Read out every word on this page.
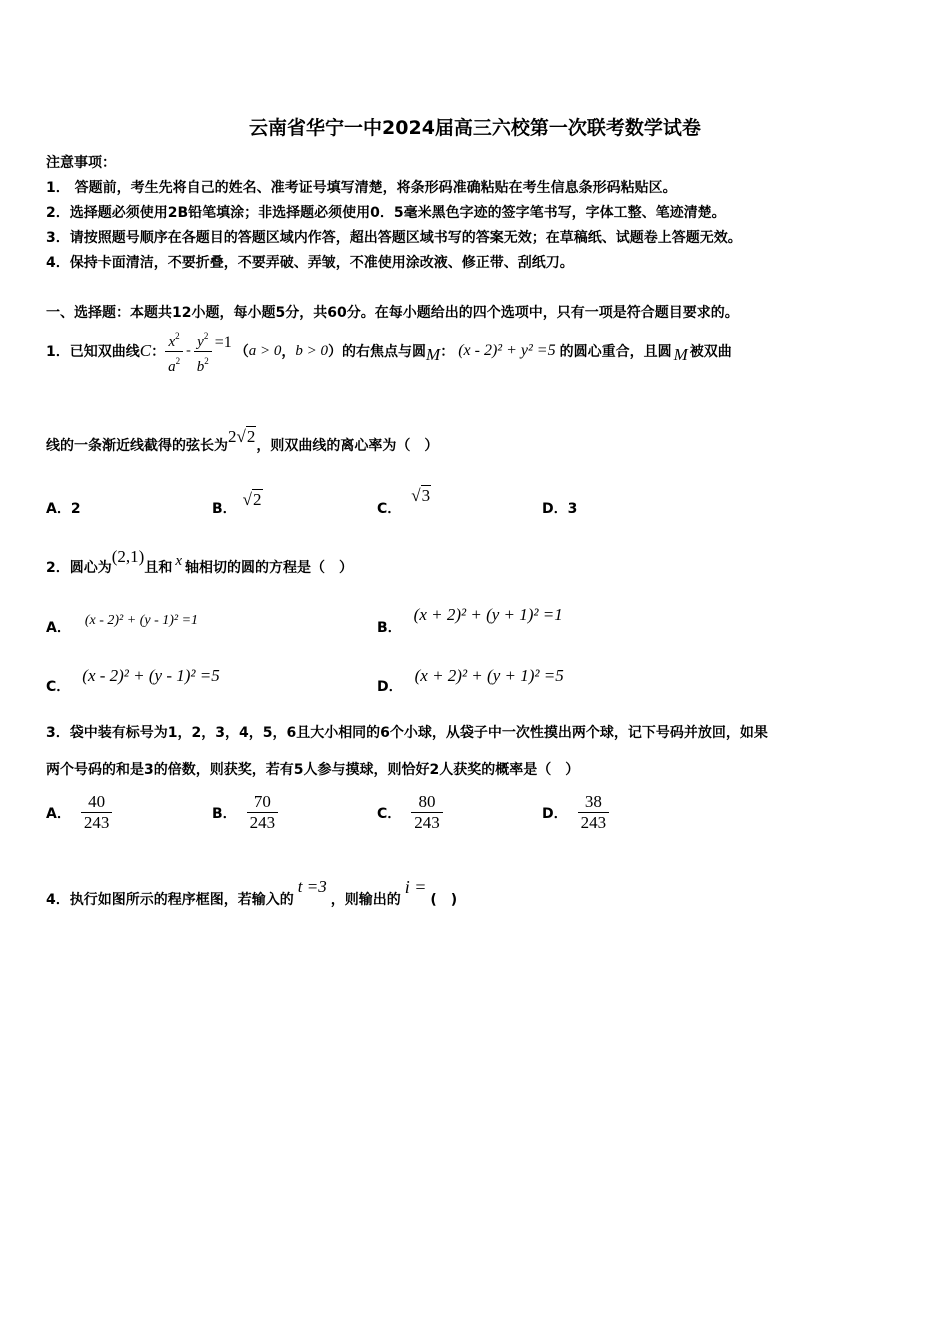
云南省华宁一中2024届高三六校第一次联考数学试卷
注意事项：
1． 答题前，考生先将自己的姓名、准考证号填写清楚，将条形码准确粘贴在考生信息条形码粘贴区。
2．选择题必须使用2B铅笔填涂；非选择题必须使用0．5毫米黑色字迹的签字笔书写，字体工整、笔迹清楚。
3．请按照题号顺序在各题目的答题区域内作答，超出答题区域书写的答案无效；在草稿纸、试题卷上答题无效。
4．保持卡面清洁，不要折叠，不要弄破、弄皱，不准使用涂改液、修正带、刮纸刀。
一、选择题：本题共12小题，每小题5分，共60分。在每小题给出的四个选项中，只有一项是符合题目要求的。
1．已知双曲线 C ： $\frac{x^2}{a^2} - \frac{y^2}{b^2} =1$
（ a > 0 ， b > 0 ） 的右焦点与圆 M ： (x - 2)² + y² =5 的圆心重合，且圆 M 被双曲
线的一条渐近线截得的弦长为 2√2 ，则双曲线的离心率为（　）
A．2	B． √2	C．√3
D．3
2．圆心为
(2,1)
且和 x 轴相切的圆的方程是（　）
A． (x - 2)² + (y - 1)² =1	B．(x + 2)² + (y + 1)² =1
C．(x - 2)² + (y - 1)² =5
D．(x + 2)² + (y + 1)² =5
3．袋中装有标号为1，2，3，4，5，6且大小相同的6个小球，从袋子中一次性摸出两个球，记下号码并放回，如果
两个号码的和是3的倍数，则获奖，若有5人参与摸球，则恰好2人获奖的概率是（　）
A． $\frac{40}{243}$	B． $\frac{70}{243}$	C． $\frac{80}{243}$	D． $\frac{38}{243}$
4．执行如图所示的程序框图，若输入的
t =3
，则输出的
i =
(　)
